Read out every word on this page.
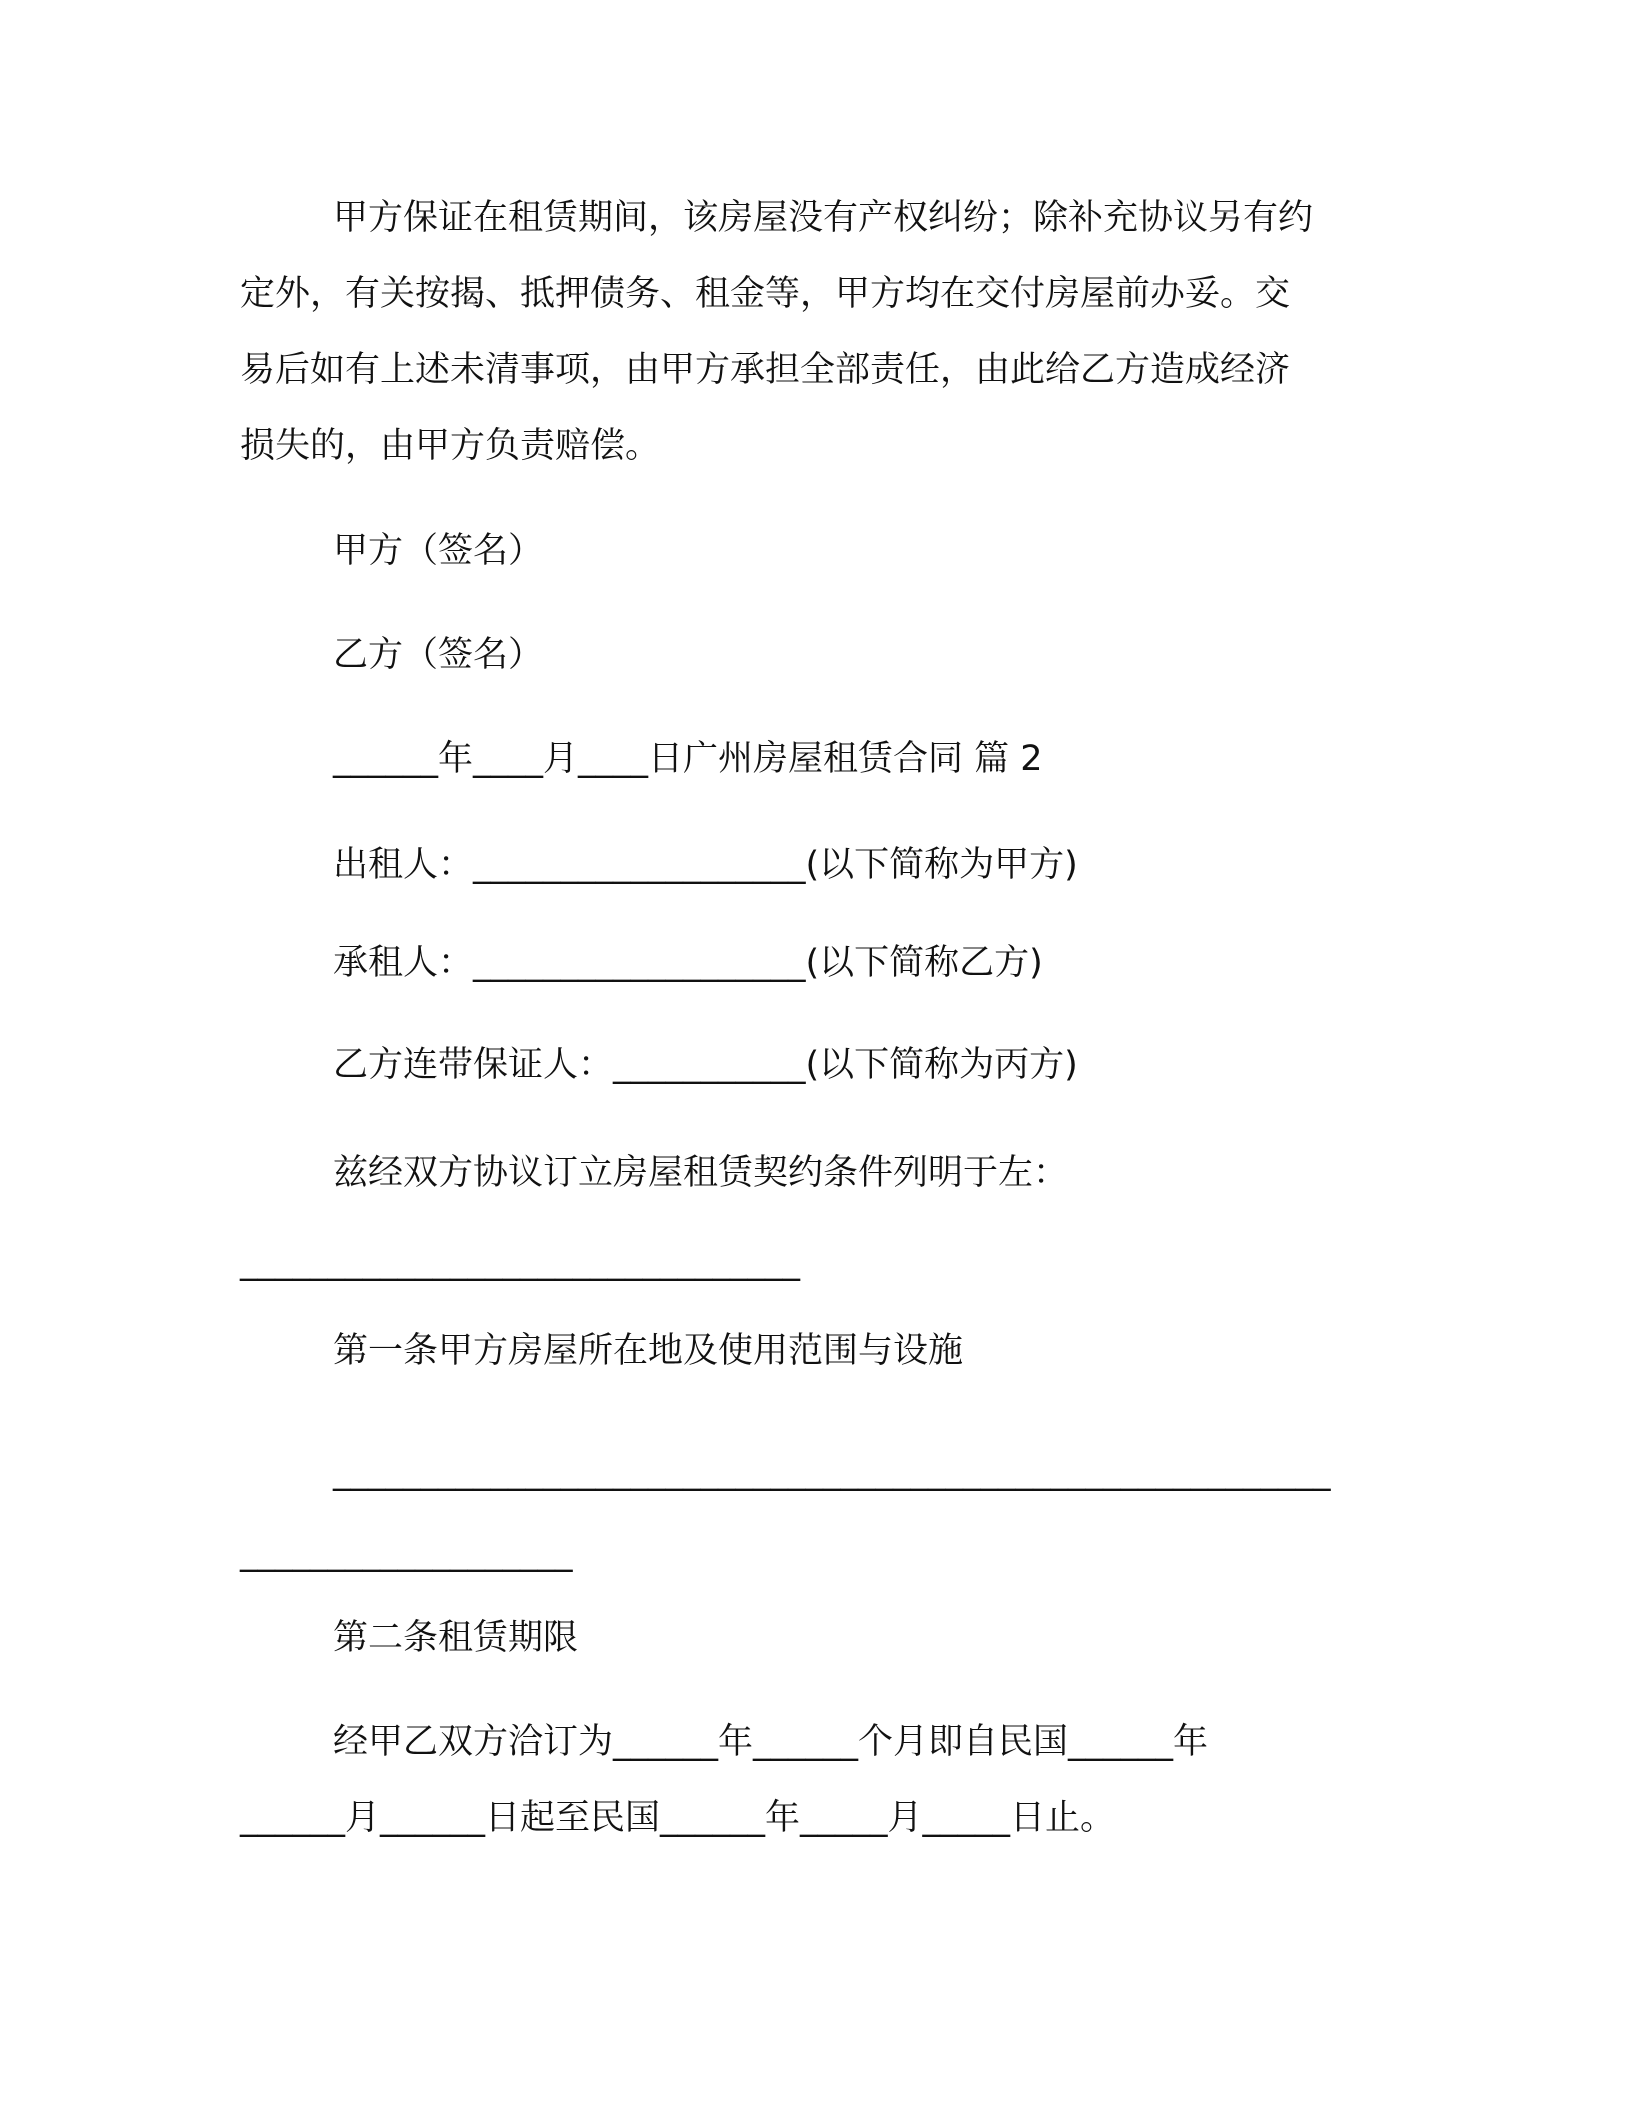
甲方保证在租赁期间，该房屋没有产权纠纷；除补充协议另有约

定外，有关按揭、抵押债务、租金等，甲方均在交付房屋前办妥。交

易后如有上述未清事项，由甲方承担全部责任，由此给乙方造成经济

损失的，由甲方负责赔偿。

甲方（签名）

乙方（签名）

______年____月____日广州房屋租赁合同 篇 2

出租人：___________________(以下简称为甲方)

承租人：___________________(以下简称乙方)

乙方连带保证人：___________(以下简称为丙方)

兹经双方协议订立房屋租赁契约条件列明于左：

________________________________

第一条甲方房屋所在地及使用范围与设施

_________________________________________________________

___________________

第二条租赁期限

经甲乙双方洽订为______年______个月即自民国______年

______月______日起至民国______年_____月_____日止。
